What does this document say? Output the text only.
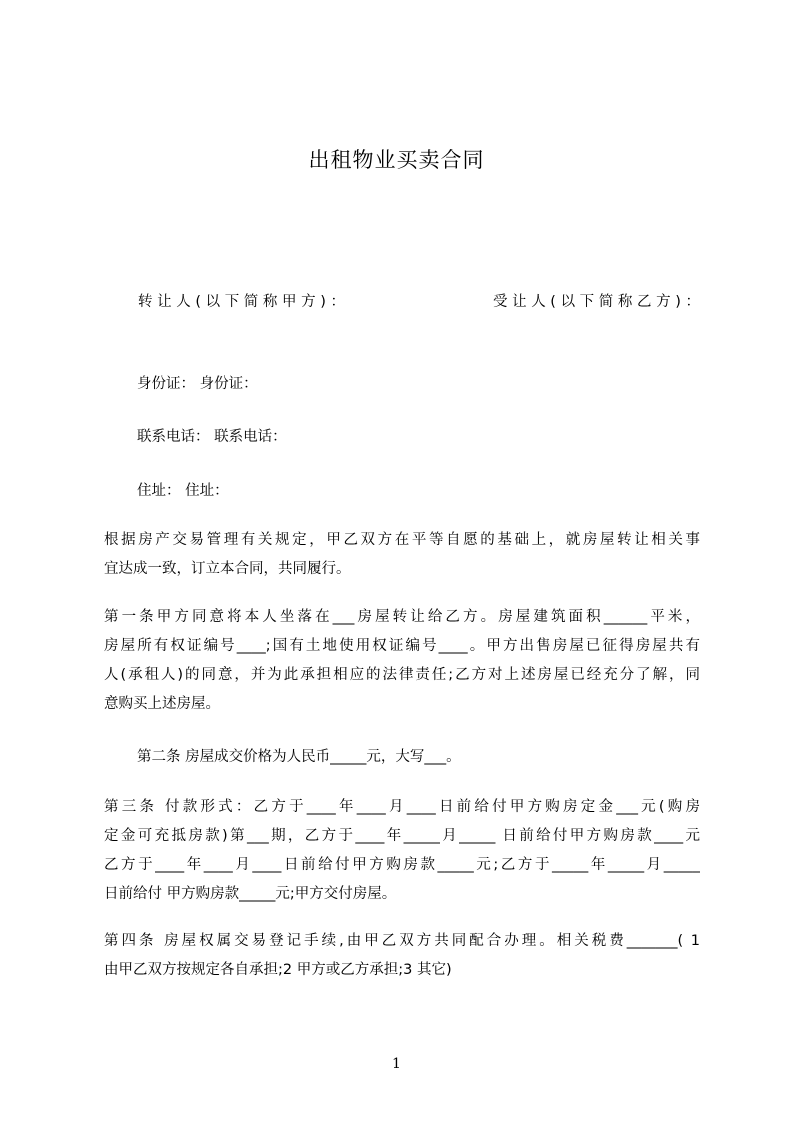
出租物业买卖合同
转 让 人 ( 以 下 简 称 甲 方 ) ：	受 让 人 ( 以 下 简 称 乙 方 ) ：
身份证： 身份证：
联系电话： 联系电话：
住址： 住址：
根据房产交易管理有关规定，甲乙双方在平等自愿的基础上，就房屋转让相关事
宜达成一致，订立本合同，共同履行。
第一条甲方同意将本人坐落在___房屋转让给乙方。房屋建筑面积______平米，
房屋所有权证编号____;国有土地使用权证编号____。甲方出售房屋已征得房屋共有
人(承租人)的同意，并为此承担相应的法律责任;乙方对上述房屋已经充分了解，同
意购买上述房屋。
第二条 房屋成交价格为人民币_____元，大写___。
第三条 付款形式：乙方于____年____月____日前给付甲方购房定金___元(购房
定金可充抵房款)第___期，乙方于____年_____月_____ 日前给付甲方购房款____元
乙方于____年____月____日前给付甲方购房款_____元;乙方于_____年_____月_____
日前给付 甲方购房款_____元;甲方交付房屋。
第四条 房屋权属交易登记手续,由甲乙双方共同配合办理。相关税费_______( 1
由甲乙双方按规定各自承担;2 甲方或乙方承担;3 其它)
1
